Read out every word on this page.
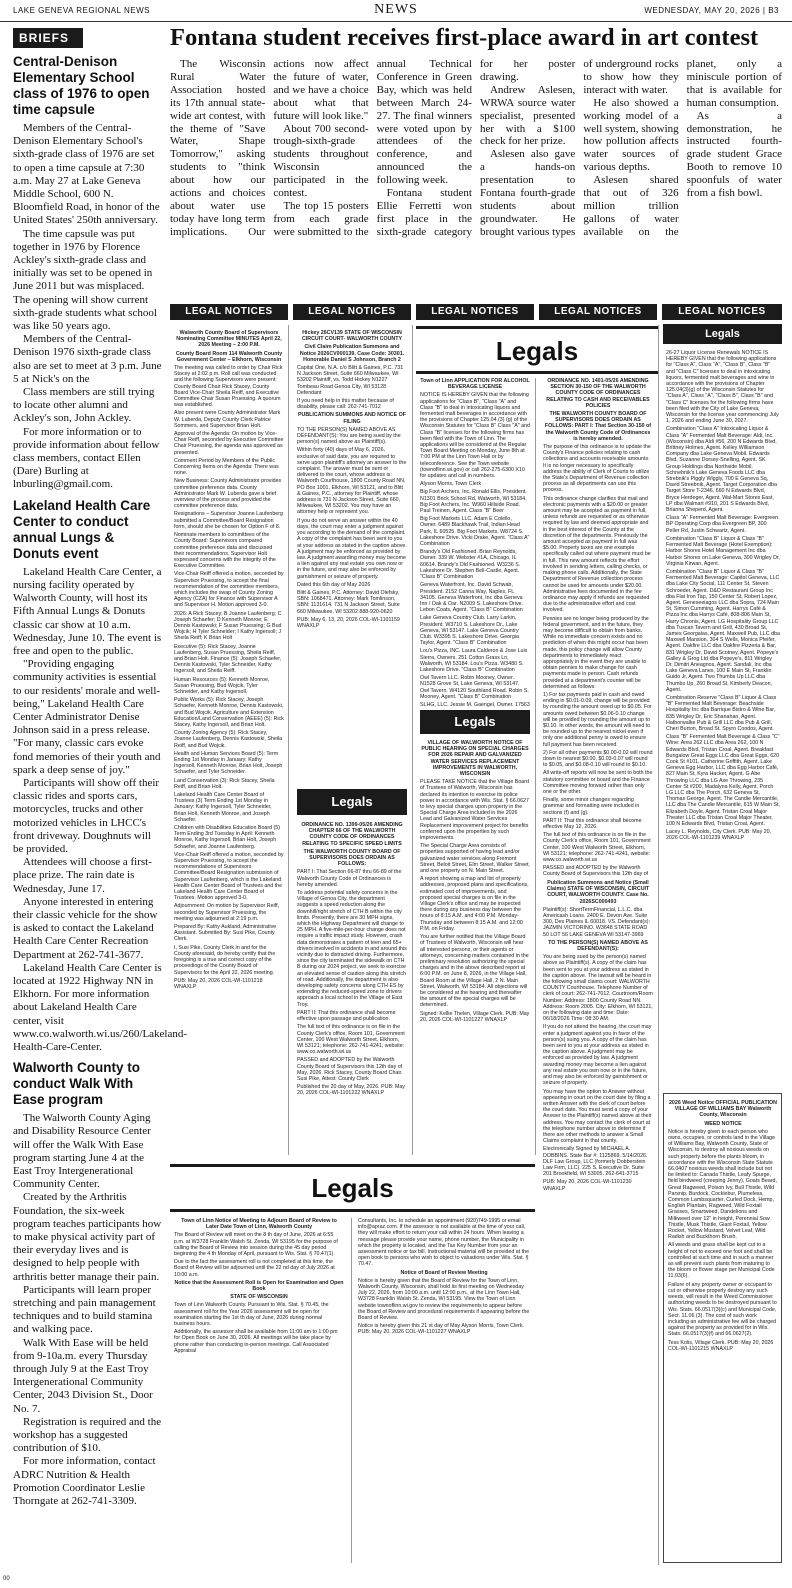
LAKE GENEVA REGIONAL NEWS	NEWS	WEDNESDAY, MAY 20, 2026 | B3
BRIEFS
Central-Denison Elementary School class of 1976 to open time capsule

Members of the Central-Denison Elementary School's sixth-grade class of 1976 are set to open a time capsule at 7:30 a.m. May 27 at Lake Geneva Middle School, 600 N. Bloomfield Road, in honor of the United States' 250th anniversary.

The time capsule was put together in 1976 by Florence Ackley's sixth-grade class and initially was set to be opened in June 2011 but was misplaced. The opening will show current sixth-grade students what school was like 50 years ago.

Members of the Central-Denison 1976 sixth-grade class also are set to meet at 3 p.m. June 5 at Nick's on the

Class members are still trying to locate other alumni and Ackley's son, John Ackley.

For more information or to provide information about fellow class members, contact Ellen (Dare) Burling at lnburling@gmail.com.

Lakeland Health Care Center to conduct annual Lungs & Donuts event

Lakeland Health Care Center, a nursing facility operated by Walworth County, will host its Fifth Annual Lungs & Donuts classic car show at 10 a.m. Wednesday, June 10. The event is free and open to the public.

"Providing engaging community activities is essential to our residents' morale and well-being," Lakeland Health Care Center Administrator Denise Johnson said in a press release. "For many, classic cars evoke fond memories of their youth and spark a deep sense of joy."

Participants will show off their classic rides and sports cars, motorcycles, trucks and other motorized vehicles in LHCC's front driveway. Doughnuts will be provided.

Attendees will choose a first-place prize. The rain date is Wednesday, June 17.

Anyone interested in entering their classic vehicle for the show is asked to contact the Lakeland Health Care Center Recreation Department at 262-741-3677.

Lakeland Health Care Center is located at 1922 Highway NN in Elkhorn. For more information about Lakeland Health Care center, visit www.co.walworth.wi.us/260/Lakeland-Health-Care-Center.

Walworth County to conduct Walk With Ease program

The Walworth County Aging and Disability Resource Center will offer the Walk With Ease program starting June 4 at the East Troy Intergenerational Community Center.

Created by the Arthritis Foundation, the six-week program teaches participants how to make physical activity part of their everyday lives and is designed to help people with arthritis better manage their pain.

Participants will learn proper stretching and pain management techniques and to build stamina and walking pace.

Walk With Ease will be held from 9-10a.m. every Thursday through July 9 at the East Troy Intergenerational Community Center, 2043 Division St., Door No. 7.

Registration is required and the workshop has a suggested contribution of $10.

For more information, contact ADRC Nutrition & Health Promotion Coordinator Leslie Thorngate at 262-741-3309.

Fontana student receives first-place award in art contest

The Wisconsin Rural Water Association hosted its 17th annual state-wide art contest, with the theme of "Save Water, Shape Tomorrow," asking students to "think about how our actions and choices about water use today have long term implications. Our actions now affect the future of water, and we have a choice about what that future will look like."

About 700 second-trough-sixth-grade students throughout Wisconsin participated in the contest.

The top 15 posters from each grade were submitted to the annual Technical Conference in Green Bay, which was held between March 24-27. The final winners were voted upon by attendees of the conference, and announced the following week.

Fontana student Ellie Ferretti won first place in the sixth-grade category for her poster drawing.

Andrew Aslesen, WRWA source water specialist, presented her with a $100 check for her prize.

Aslesen also gave a hands-on presentation to Fontana fourth-grade students about groundwater. He brought various types of underground rocks to show how they interact with water.

He also showed a working model of a well system, showing how pollution affects water sources of various depths.

Aslesen shared that out of 326 million trillion gallons of water available on the planet, only a miniscule portion of that is available for human consumption.

As a demonstration, he instructed fourth-grade student Grace Booth to remove 10 spoonfuls of water from a fish bowl.

LEGAL NOTICES	LEGAL NOTICES	LEGAL NOTICES	LEGAL NOTICES	LEGAL NOTICES

Walworth County Board of Supervisors Nominating Committee MINUTES April 22, 2026 Meeting – 2:00 P.M.

County Board Room 114 Walworth County Government Center – Elkhorn, Wisconsin

The meeting was called to order by Chair Rick Stacey at 2:02 p.m. Roll call was conducted and the following Supervisors were present: County Board Chair Rick Stacey, County Board Vice-Chair Sheila Reiff, and Executive Committee Chair Susan Pruessing. A quorum was established.

Also present were County Administrator Mark W. Luberda, Deputy County Clerk Patrice Sommers, and Supervisor Brian Holt.

Approval of the Agenda: On motion by Vice-Chair Reiff, seconded by Executive Committee Chair Pruessing, the agenda was approved as presented.

Comment Period by Members of the Public Concerning Items on the Agenda: There was none.

New Business: County Administrator provides committee preference data. County Administrator Mark W. Luberda gave a brief overview of the process and provided the committee preference data.

Resignations – Supervisor Joanne Laufenberg submitted a Committee/Board Resignation form, should she be chosen for Option F of 8.

Nominate members to committees of the County Board: Supervisors compared committee preference data and discussed their recommendations. Supervisor Holt expressed concerns with the integrity of the Executive Committee.

Vice-Chair Reiff offered a motion, seconded by Supervisor Pruessing, to accept the final recommendation of the committee members, which includes the swap of County Zoning Agency (CZA) for Finance with Supervisor A and Supervisor H. Motion approved 3-0.

2026: A Rick Stacey; B Joanne Laufenberg; C Joseph Schaefer; D Kenneth Monroe; E Dennis Kastowski; F Susan Pruessing; G Bud Wojcik; H Tyler Schneider; I Kathy Ingersoll; J Sheila Reiff; K Brian Holt

Executive (5): Rick Stacey, Joanne Laufenberg, Susan Pruessing, Sheila Reiff, and Brian Holt. Finance (5): Joseph Schaefer, Dennis Kastowski, Tyler Schneider, Kathy Ingersoll, and Sheila Reiff.

Human Resources (5): Kenneth Monroe, Susan Pruessing, Bud Wojcik, Tyler Schneider, and Kathy Ingersoll.

Public Works (5): Rick Stacey, Joseph Schaefer, Kenneth Monroe, Dennis Kastowski, and Bud Wojcik. Agriculture and Extension Education/Land Conservation (AEEE) (5): Rick Stacey, Kathy Ingersoll, and Brian Holt.

County Zoning Agency (5): Rick Stacey, Joanne Laufenberg, Dennis Kastowski, Sheila Reiff, and Bud Wojcik.

Health and Human Services Board (5): Term Ending 1st Monday in January: Kathy Ingersoll, Kenneth Monroe, Brian Holt, Joseph Schaefer, and Tyler Schneider.

Land Conservation (3): Rick Stacey, Sheila Reiff, and Brian Holt.

Lakeland Health Care Center Board of Trustees (3) Term Ending 1st Monday in January: Kathy Ingersoll, Tyler Schneider, Brian Holt, Kenneth Monroe, and Joseph Schaefer.

Children with Disabilities Education Board (5) Term Ending 3rd Tuesday in April: Kenneth Monroe, Kathy Ingersoll, Brian Holt, Joseph Schaefer, and Joanne Laufenberg.

Vice-Chair Reiff offered a motion, seconded by Supervisor Pruessing, to accept the recommendations of Supervisors Committee/Board Resignation submission of Supervisor Laufenberg, which is the Lakeland Health Care Center Board of Trustees and the Lakeland Health Care Center Board of Trustees. Motion approved 3-0.

Adjournment: On motion by Supervisor Reiff, seconded by Supervisor Pruessing, the meeting was adjourned at 2:19 p.m.

Prepared By: Kathy Aukland, Administrative Assistant. Submitted By: Susi Pike, County Clerk.

I, Susi Pike, County Clerk in and for the County aforesaid, do hereby certify that the foregoing is a true and correct copy of the proceedings of the County Board of Supervisors for the April 22, 2026 meeting.

PUB: May 20, 2026 COL-WI-1101218 WNAXLP

Hickey 26CV139 STATE OF WISCONSIN CIRCUIT COURT- WALWORTH COUNTY

Civil Claim Publication Summons and Notice 2026CV000139. Case Code: 30301. Honorable Daniel S Johnson, Branch 2

Capital One, N.A. c/o Blitt & Gaines, P.C. 731 N Jackson Street, Suite 660 Milwaukee, WI 53202 Plaintiff, vs. Todd Hickey N1227 Tombeau Road Genoa City, WI 53128 Defendant

If you need help in this matter because of disability, please call: 262-741-7012

PUBLICATION SUMMONS AND NOTICE OF FILING

TO THE PERSON(S) NAMED ABOVE AS DEFENDANT(S): You are being sued by the person(s) named above as Plaintiff(s).

Within forty (40) days of May 6, 2026, exclusive of said date, you are required to serve upon plaintiff's attorney an answer to the complaint. The answer must be sent or delivered to the court, whose address is: Walworth Courthouse, 1800 County Road NN, PO Box 1001, Elkhorn, WI 53121, and to Blitt & Gaines, P.C., attorney for Plaintiff, whose address is 731 N Jackson Street, Suite 660, Milwaukee, WI 53202. You may have an attorney help or represent you.

If you do not serve an answer within the 40 days, the court may enter a judgment against you according to the demand of the complaint. A copy of the complaint has been sent to you at your address as stated in the caption above. A judgment may be enforced as provided by law. A judgment awarding money may become a lien against any real estate you own now or in the future, and may also be enforced by garnishment or seizure of property.

Dated this 6th day of May 2026

Blitt & Gaines, P.C. Attorney: David Olefsky, SBN: 1068471. Attorney: Mark Tomlinson, SBN: 1131614. 731 N Jackson Street, Suite 660 Milwaukee, WI 53202 888-920-0620

PUB: May 6, 13, 20, 2026 COL-WI-1101159 WNAXLP

Legals

ORDINANCE NO. 1399-05/26 AMENDING CHAPTER 66 OF THE WALWORTH COUNTY CODE OF ORDINANCES RELATING TO SPECIFIC SPEED LIMITS

THE WALWORTH COUNTY BOARD OF SUPERVISORS DOES ORDAIN AS FOLLOWS:

PART I: That Section 66-87 thru 66-89 of the Walworth County Code of Ordinances is hereby amended.

To address potential safety concerns in the Village of Genoa City, the department suggests a speed reduction along the downhill/right stretch of CTH B within the city limits. Presently, there are 30 MPH signs, which the Highway Department will change to 25 MPH. A five-mile-per-hour change does not require a traffic impact study. However, crash data demonstrates a pattern of teen and 65+ drivers involved in accidents in and around this vicinity due to distracted driving. Furthermore, since the city terminated the sidewalk on CTH B during our 2024 project, we seek to exercise an elevated sense of caution along this stretch of road. Additionally, the department is also developing safety concerns along CTH ES by extending the reduced-speed zone to drivers approach a local school in the Village of East Troy.

PART II: That this ordinance shall become effective upon passage and publication.

The full text of this ordinance is on file in the County Clerk's office, Room 101, Government Center, 100 West Walworth Street, Elkhorn, WI 53121; telephone: 262-741-4241, website: www.co.walworth.wi.us

PASSED and ADOPTED by the Walworth County Board of Supervisors this 12th day of May, 2026. Rick Stacey, County Board Chair. Susi Pike, Attest: County Clerk

Published the 20 day of May, 2026. PUB: May 20, 2026 COL-WI-1101222 WNAXLP

Legals

Town of Linn APPLICATION FOR ALCOHOL BEVERAGE LICENSE

NOTICE IS HEREBY GIVEN that the following applications for "Class B", "Class "A" and Class "B" to deal in intoxicating liquors and fermented malt beverages in accordance with the provisions of Chapter 125.04 (3) (g) of the Wisconsin Statutes for "Class B" Class "A" and Class "B" licenses for the following firms has been filed with the Town of Linn. The applications will be considered at the Regular Town Board Meeting on Monday, June 8th at 7:00 PM at the Linn Town Hall or by teleconference. See the Town website (townoflinn.wi.gov) or call 262-275-6300 X10 for updates and call in numbers.

Alyson Morris, Town Clerk

Big Foot Archers, Inc. Ronald Ellis, President. N1301 Brick School Rd, Walworth, WI 53184. Big Foot Archers, Inc. W960 Hillside Road. Paul Treinen, Agent. Class "B" Beer

Big Foot Markets LLC. Adam E Colello, Owner. 6489 Blackhawk Trail, Indian Head Park, IL 60525. Big Foot Markets. W8724 S. Lakeshore Drive. Vicki Drake, Agent. "Class A" Combination

Brandy's Old Fashioned. Brian Reynolds, Owner. 339 W. Webster #1A, Chicago, IL 60614. Brandy's Old Fashioned. W3236 S. Lakeshore Dr. Stephen Bell-Castle, Agent. "Class B" Combination

Geneva Waterfront, Inc. David Schwab, President. 2152 Canna Way, Naples, FL 34105. Geneva Waterfront, Inc dba Geneva Inn / Oak & Oar. N2009 S. Lakeshore Drive. Lebon Coats, Agent. "Class B" Combination

Lake Geneva Country Club. Larry Larkin, President. W3710 S. Lakeshore Dr., Lake Geneva, WI 53147. Lake Geneva Country Club. W3395 S. Lakeshore Drive. Georgia Taylor, Agent. "Class B" Combination

Lou's Pizza, INC. Laura Calderon & Jose Luis Sierra, Owners. 251 Cotton Grass Ln, Walworth, WI 53184. Lou's Pizza. W3480 S. Lakeshore Drive. "Class B" Combination

Owl Tavern LLC. Robin Mooney, Owner. N1528 Grove St, Lake Geneva, WI 53147. Owl Tavern. W4120 Southland Road. Robin S. Mooney, Agent. "Class B" Combination

SLHG, LLC. Jessie M. Gaengel, Owner. 17563

Legals

VILLAGE OF WALWORTH NOTICE OF PUBLIC HEARING ON SPECIAL CHARGES FOR 2026 REPAIR AND GALVANIZED WATER SERVICES REPLACEMENT IMPROVEMENTS IN WALWORTH, WISCONSIN

PLEASE TAKE NOTICE that the Village Board of Trustees of Walworth, Wisconsin has declared its intention to exercise its police power in accordance with Wis. Stat. § 66.0627 to levy special charges upon property in the Special Charge Area included in the 2026 Lead and Galvanized Water Services Replacement improvement project for benefits conferred upon the properties by such improvements.

The Special Charge Area consists of properties supported of having lead and/or galvanized water services along Fremont Street, Beloit Street, Elm Street, Walker Street, and one property on N. Main Street.

A report showing a map and list of property addresses, proposed plans and specifications, estimated cost of improvements, and proposed special charges is on file in the Village Clerk's office and may be inspected there during any business day between the hours of 8:15 A.M. and 4:00 P.M. Monday-Thursday and between 8:15 A.M. and 12:00 P.M. on Friday.

You are further notified that the Village Board of Trustees of Walworth, Wisconsin will hear all interested persons, or their agents or attorneys, concerning matters contained in the preliminary resolution authorizing the special charges and in the above described report at 6:00 P.M. on June 8, 2026, in the Village Hall, Board Room at the Village Hall, 2 N. Main Street, Walworth, WI 53184. All objections will be considered at the hearing and thereafter the amount of the special charges will be determined.

Signed: Kellie Thelen, Village Clerk. PUB: May 20, 2026 COL-WI-1101227 WNAXLP

ORDINANCE NO. 1401-05/26 AMENDING SECTION 30-150 OF THE WALWORTH COUNTY CODE OF ORDINANCES RELATING TO CASH AND RECEIVABLES POLICIES

THE WALWORTH COUNTY BOARD OF SUPERVISORS DOES ORDAIN AS FOLLOWS: PART I: That Section 30-150 of the Walworth County Code of Ordinances is hereby amended.

The purpose of this ordinance is to update the County's Finance policies relating to cash collections and accounts receivable amounts. It is no longer necessary to specifically address the ability of Clerk of Courts to utilize the State's Department of Revenue collection process as all departments can use this process.

This ordinance change clarifies that mail and electronic payments with a $20.00 or greater amount may be accepted as payment in full, unless refunds are requested or as otherwise required by law and deemed appropriate and in the best interest of the County at the discretion of the departments. Previously the amount accepted as payment in full was $5.00. Property taxes are one example specifically called out where payment must be in full. This new amount reflects the effort involved in sending letters, calling checks, or making phone calls. Additionally, the State Department of Revenue collection process cannot be used for amounts under $20.00. Administrative fees documented in the fee ordinance may apply if refunds are requested due to the administrative effort and cost involved.

Pennies are no longer being produced by the federal government, and in the future, they may become difficult to obtain from banks. While no immediate concern exists and no prediction of when this might occur has been made, this policy change will allow County departments to immediately react appropriately in the event they are unable to obtain pennies to make change for cash payments made in person. Cash refunds provided at a department's counter will be determined as follows:

1) For tax payments paid in cash and owed ending in $0.01-0.09, change will be provided by rounding the amount owed up to $0.05. For amounts owed between $0.06-0.10 change will be provided by rounding the amount up to $0.10. In other words, the amount will need to be rounded up to the nearest nickel even if only one additional penny is owed to ensure full payment has been received.

2) For all other payments $0.00-0.02 will round down to nearest $0.00, $0.03-0.07 will round to $0.05, and $0.08-0.10 will round to $0.10.

All write-off reports will now be sent to both the statutory committee or board and the Finance Committee moving forward rather than only one or the other.

Finally, some minor changes regarding grammar and formatting were included in sections (f) and (g).

PART II: That this ordinance shall become effective May 12, 2026.

The full text of this ordinance is on file in the County Clerk's office, Room 101, Government Center, 100 West Walworth Street, Elkhorn, WI 53121; telephone: 262-741-4241, website: www.co.walworth.wi.us

PASSED and ADOPTED by the Walworth County Board of Supervisors this 12th day of

Publication Summons and Notice (Small Claims) STATE OF WISCONSIN, CIRCUIT COURT, WALWORTH COUNTY. Case No. 2026SC000493

Plaintiff(s): ShortTermFinancial, L.L.C. dba Americash Loans. 2400 E. Devon Ave. Suite 300, Des Plaines IL 60018. VS. Defendant(s): JAZMIN VICTORINO. W3648 STATE ROAD 50 LOT 56 LAKE GENEVA WI 53147-3969

TO THE PERSON(S) NAMED ABOVE AS DEFENDANT(S):

You are being sued by the person(s) named above as Plaintiff(s). A copy of the claim has been sent to you at your address as stated in the caption above. The lawsuit will be heard in the following small claims court: WALWORTH COUNTY Courthouse. Telephone Number of clerk of court: 262-741-7012. Courtroom/Room Number: Address: 1800 County Road NN. Address: Room 2005. City: Elkhorn, WI 53121, on the following date and time: Date: 06/18/2026 Time: 08:30 AM.

If you do not attend the hearing, the court may enter a judgment against you in favor of the person(s) suing you. A copy of the claim has been sent to you at your address as stated in the caption above. A judgment may be enforced as provided by law. A judgment awarding money may become a lien against any real estate you own now or in the future, and may also be enforced by garnishment or seizure of property.

You may have the option to Answer without appearing in court on the court date by filing a written Answer with the clerk of court before the court date. You must send a copy of your Answer to the Plaintiff(s) named above at their address. You may contact the clerk of court at the telephone number above to determine if there are other methods to answer a Small Claims complaint in that county.

Electronically Signed by MICHAEL A. DOBBINS. State Bar #: 1125869. 5/14/2026. DLF Law Group, LLC (formerly Dobberstein Law Firm, LLC). 225 S. Executive Dr. Suite 201 Brookfield, WI 53005. 262-641-3715

PUB: May 20, 2026 COL-WI-1101230 WNAXLP

Legals

26-27 Liquor License Renewals NOTICE IS HEREBY GIVEN that the following applications for "Class A", Class "A", "Class B", Class "B" and "Class C" licenses to deal in intoxicating liquors, fermented malt beverages and wine in accordance with the provisions of Chapter 125.04(3)(g) of the Wisconsin Statutes for "Class A", Class "A", "Class B", Class "B" and "Class C" licenses for the following firms have been filed with the City of Lake Geneva, Wisconsin for the license year commencing July 1, 2026 and ending June 30, 2027.

Combination "Class A" Intoxicating Liquor & Class "A" Fermented Malt Beverage: Aldi, Inc. (Wisconsin) dba Aldi #56, 200 N Edwards Blvd, Brittney Holmes, Agent. Kelley Williamson Company dba Lake Geneva Mobil. Edwards Blvd, Suzanne Dorsey-Snelling, Agent. SK Group Holdings dba Northside Mobil. Schnebnik's Lake Geneva Foods LLC dba Strebnik's Piggly Wiggly, 700 E Geneva Sq, David Streebnik, Agent. Target Corporation dba Target Store T-2346, 660 N Edwards Blvd, Bryce Herdeger, Agent. Wal-Mart Stores East, LP dba Walmart #910, 201 S Edwards Blvd, Brianna Sheperd, Agent.

Class "A" Fermented Malt Beverage: Evergreen BP Operating Corp dba Evergreen BP, 300 Peller Rd, Justin Schwartz, Agent.

Combination "Class B" Liquor & Class "B" Fermented Malt Beverage (Hotel Exemption): Harbor Shores Hotel Management Inc dba Harbor Shores on Lake Geneva, 300 Wrigley Dr, Virginia Kirwan, Agent.

Combination "Class B" Liquor & Class "B" Fermented Malt Beverage: Capitol Geneva, LLC dba Lake City Social, 111 Center St, Steven Schroeder, Agent. D&D Restaurant Group Inc dba Flat Iron Tap, 150 Center St, Robert Lopez, Agent. Geneseeiagos LLC dba Sopra, 724 Main St, Simon Cumming, Agent. Harrys Café & Pizza Inc dba Harrys Café, 808-806 Main St, Harry Chronis, Agent. LG Hospitality Group LLC dba Tuscan Tavern and Grill, 430 Broad St, James Georgalas, Agent. Maxwell Pub, LLC dba Maxwell Mansion, 304 S Wells, Monica Pfeifer, Agent. Oakfire LLC dba Oakfire Pizzeria & Bar, 831 Wrigley Dr, David Scotney, Agent. Popeye's Galley & Grog Ltd dba Popeye's, 811 Wrigley Dr, Dimitri Aneagnos, Agent. Sandali, Inc dba Lake Geneva Lanes, 100 E Main St, Franklin Guido Jr, Agent. Two Thumbs Up LLC dba Thumbs Up, 260 Broad St, Kimberly Deacon, Agent.

Combination Reserve "Class B" Liquor & Class "B" Fermented Malt Beverage: Beachside Hospitality Inc dba Barrique Bistro & Wine Bar, 835 Wrigley Dr, Eric Shanahan, Agent. Hatborwalke Pub & Grill LLC dba Pub & Grill, Cheri Burton, Broad St, Spyro Condos, Agent.

Class "B" Fermented Malt Beverage & Class "C" Wine: Area 262 LLC dba Area 262, 100 N Edwards Blvd, Tristan Croal, Agent. Breakfast Bungalow Great Eggs LLC dba Great Eggs, 620 Cook St #101, Catherine Griffith, Agent. Lake Geneva Egg Harbor, LLC dba Egg Harbor Café, 827 Main St, Kyra Hacker, Agent. G Abe Throwing LLC dba LG Axe Throwing, 235 Center St #200, Madalyna Kelly, Agent. Porch LG LLC dba The Porch, 632 Geneva St, Thomas George, Agent. The Candie Mercantile, LLC dba The Candie Mercantile, 615 W Main St, Elizabeth Doyle, Agent. Tristan Croal Major Theater LLC dba Tristan Croal Major Theater, 100 N Edwards Blvd, Tristan Croal, Agent.

Lacey L. Reynolds, City Clerk. PUB: May 20, 2026 COL-WI-1101239 WNAXLP

2026 Weed Notice OFFICIAL PUBLICATION VILLAGE OF WILLIAMS BAY Walworth County, Wisconsin

WEED NOTICE

Notice is hereby given to each person who owns, occupies, or controls land in the Village of Williams Bay, Walworth County, State of Wisconsin, to destroy all noxious weeds on such property before the plants bloom, in accordance with the Wisconsin State Statute 66.0407 noxious weeds shall include but not be limited to: Canada Thistle, Leafy Spurge, field bindweed (creeping Jenny), Goats Beard, Great Ragweed, Poison Ivy, Bull Thistle, Wild Parsnip, Burdock, Cocklebur, Plumeless, Common Lambsquarter, Curled Dock, Hemp, English Plantain, Ragweed, Wild Foxtail Grasses, Smartweed, Dandelions and Milkweed over 12" in height, Perennial Sow Thistle, Musk Thistle, Giant Foxtail, Yellow Rocket, Yellow Mustard, Velvet Leaf, Wild Radish and Buckthorn Brush.

All weeds and grass shall be kept cut to a height of not to exceed one foot and shall be controlled at such time and in such a manner as will prevent such plants from maturing to the bloom or flower stage per Municipal Code 11.03(6).

Failure of any property owner or occupant to cut or otherwise properly destroy any such weeds, will result in the Weed Commissioner authorizing weeds to be destroyed pursuant to Wis. Stats. 66.0517(3)(c) and Municipal Code, Sect. 11.06 (3). The cost of such work including an administrative fee will be charged against the property as provided for in Wis. Stats. 66.0517(3)(f) and 66.0627(2).

Tess Kolis, Village Clerk. PUB: May 20, 2026 COL-WI-1101215 WNAXLP

Legals

Town of Linn Notice of Meeting to Adjourn Board of Review to Later Date Town of Linn, Walworth County

The Board of Review will meet on the 8 th day of June, 2026 at 6:55 p.m. at W3728 Franklin Walsh St, Zenda, WI 53195 for the purpose of calling the Board of Review into session during the 45 day period beginning the 4 th Monday of April, pursuant to Wis. Stat. § 70.47(1).

Due to the fact the assessment roll is not completed at this time, the Board of Review will be adjourned until the 22 nd day of July 2026 at 10:00 a.m.

Notice that the Assessment Roll is Open for Examination and Open Book

STATE OF WISCONSIN

Town of Linn Walworth County. Pursuant to Wis. Stat. § 70.45, the assessment roll for the Year 2026 assessment will be open for examination starting the 1st th day of June, 2026 during normal business hours.

Additionally, the assessor shall be available from 11:00 am to 1:00 pm for Open Book on June 30, 2026. All meetings will be take place by phone rather than conducting in-person meetings. Call Associated Appraisal

Consultants, Inc. to schedule an appointment (920)749-1995 or email info@apraz.com. If the assessor is not available at the time of your call, they will make effort to return your call within 24 hours. When leaving a message please provide your name, phone number, the Municipality in which the property is located, and the Tax Key Number from your an assessment notice or tax bill. Instructional material will be provided at the open book to persons who wish to object to valuations under Wis. Stat. § 70.47.

Notice of Board of Review Meeting

Notice is hereby given that the Board of Review for the Town of Linn, Walworth County, Wisconsin, shall hold its first meeting on Wednesday July 22, 2026, from 10:00 a.m. until 12:00 p.m., at the Linn Town Hall, W3728 Franklin Walsh St. Zenda, WI 53195. View the Town of Linn website townoflinn.wi.gov to review the requirements to appear before the Board of Review and procedural requirements if appearing before the Board of Review.

Notice is hereby given this 21 st day of May Alyson Morris, Town Clerk. PUB: May 20, 2026 COL-WI-1101227 WNAXLP

00
